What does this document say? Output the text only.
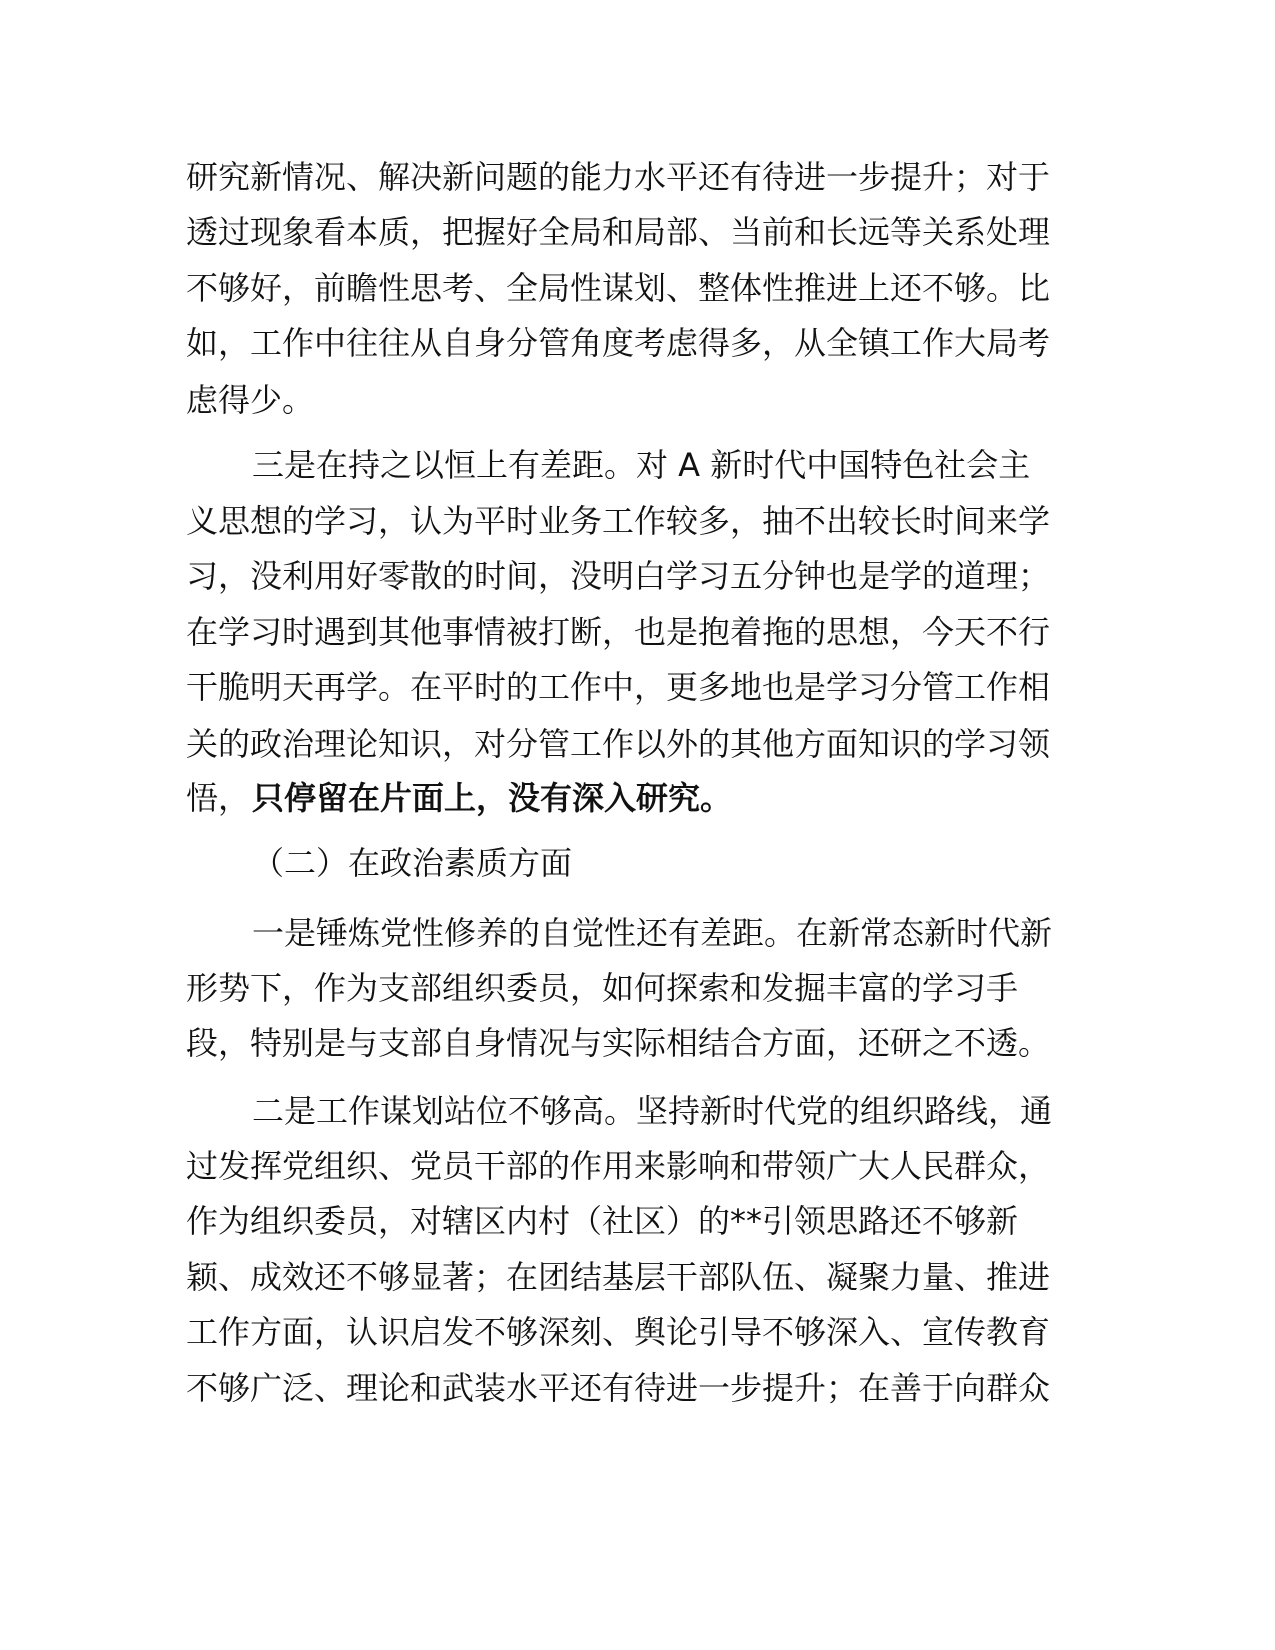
研究新情况、解决新问题的能力水平还有待进一步提升；对于
透过现象看本质，把握好全局和局部、当前和长远等关系处理
不够好，前瞻性思考、全局性谋划、整体性推进上还不够。比
如，工作中往往从自身分管角度考虑得多，从全镇工作大局考
虑得少。
三是在持之以恒上有差距。对 A 新时代中国特色社会主
义思想的学习，认为平时业务工作较多，抽不出较长时间来学
习，没利用好零散的时间，没明白学习五分钟也是学的道理；
在学习时遇到其他事情被打断，也是抱着拖的思想，今天不行
干脆明天再学。在平时的工作中，更多地也是学习分管工作相
关的政治理论知识，对分管工作以外的其他方面知识的学习领
悟， 只停留在片面上，没有深入研究。
（二）在政治素质方面
一是锤炼党性修养的自觉性还有差距。在新常态新时代新
形势下，作为支部组织委员，如何探索和发掘丰富的学习手
段，特别是与支部自身情况与实际相结合方面，还研之不透。
二是工作谋划站位不够高。坚持新时代党的组织路线，通
过发挥党组织、党员干部的作用来影响和带领广大人民群众，
作为组织委员，对辖区内村（社区）的**引领思路还不够新
颖、成效还不够显著；在团结基层干部队伍、凝聚力量、推进
工作方面，认识启发不够深刻、舆论引导不够深入、宣传教育
不够广泛、理论和武装水平还有待进一步提升；在善于向群众
